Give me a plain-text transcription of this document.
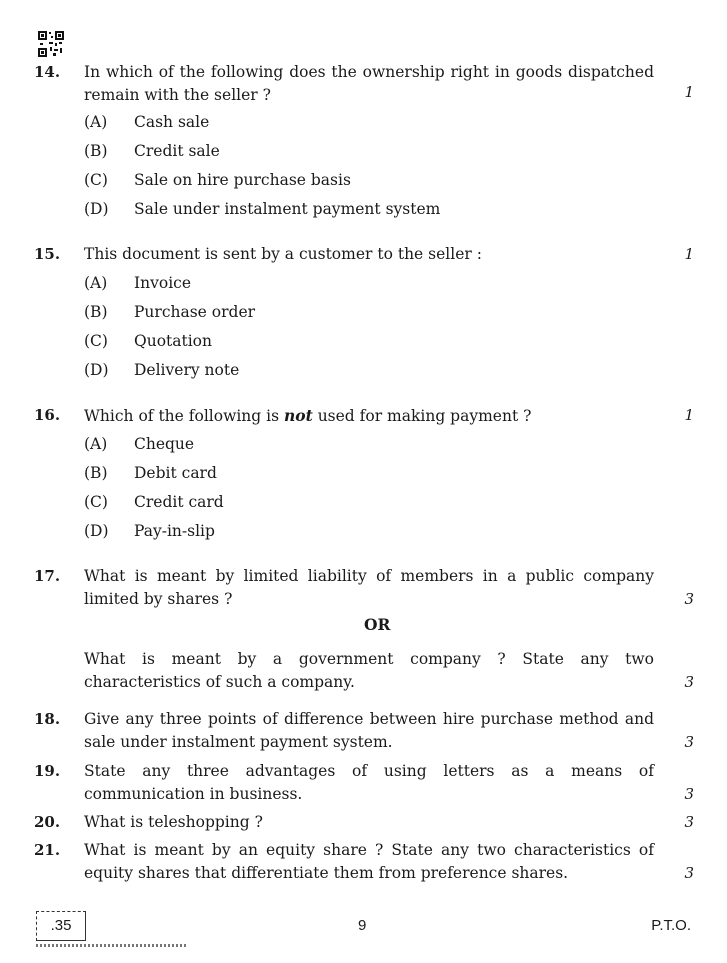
14. In which of the following does the ownership right in goods dispatched remain with the seller ?	1
(A) Cash sale
(B) Credit sale
(C) Sale on hire purchase basis
(D) Sale under instalment payment system
15. This document is sent by a customer to the seller :	1
(A) Invoice
(B) Purchase order
(C) Quotation
(D) Delivery note
16. Which of the following is not used for making payment ?	1
(A) Cheque
(B) Debit card
(C) Credit card
(D) Pay-in-slip
17. What is meant by limited liability of members in a public company limited by shares ?	3
OR
What is meant by a government company ? State any two characteristics of such a company.	3
18. Give any three points of difference between hire purchase method and sale under instalment payment system.	3
19. State any three advantages of using letters as a means of communication in business.	3
20. What is teleshopping ?	3
21. What is meant by an equity share ? State any two characteristics of equity shares that differentiate them from preference shares.	3
.35	9	P.T.O.
